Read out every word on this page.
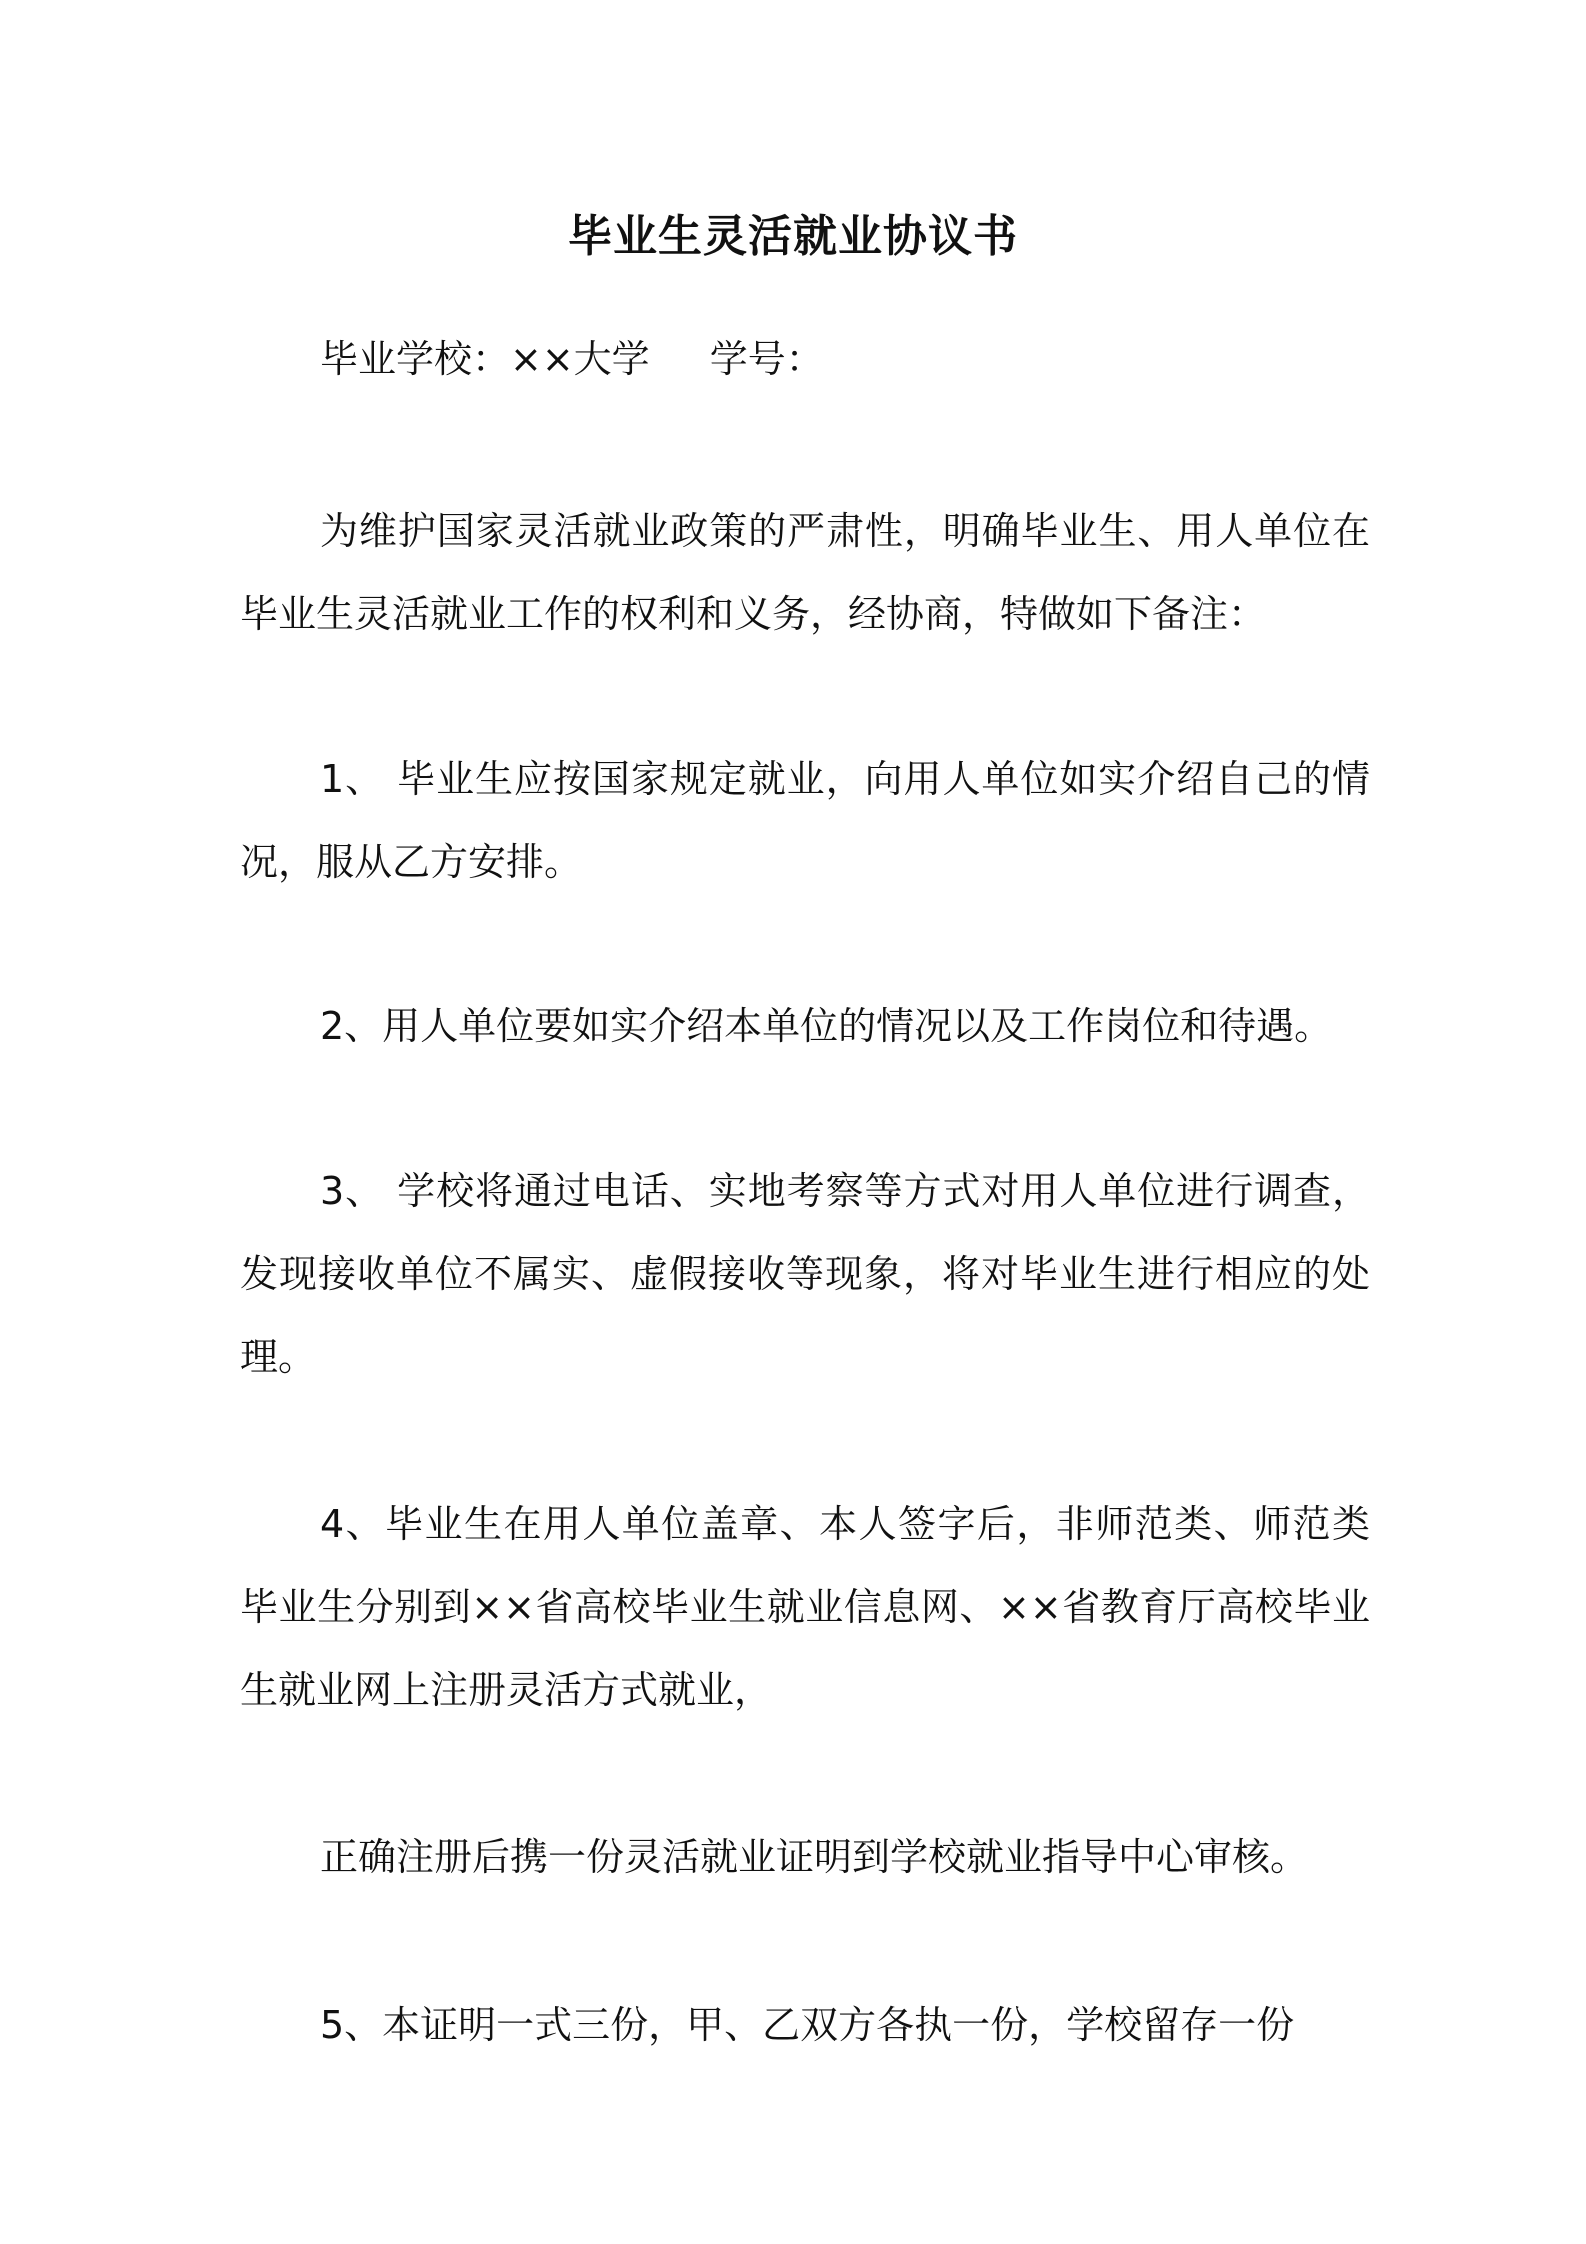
毕业生灵活就业协议书
毕业学校：××大学 学号：

为维护国家灵活就业政策的严肃性，明确毕业生、用人单位在毕业生灵活就业工作的权利和义务，经协商，特做如下备注：

1、 毕业生应按国家规定就业，向用人单位如实介绍自己的情况，服从乙方安排。

2、用人单位要如实介绍本单位的情况以及工作岗位和待遇。

3、 学校将通过电话、实地考察等方式对用人单位进行调查，发现接收单位不属实、虚假接收等现象，将对毕业生进行相应的处理。

4、毕业生在用人单位盖章、本人签字后，非师范类、师范类毕业生分别到××省高校毕业生就业信息网、××省教育厅高校毕业生就业网上注册灵活方式就业，

正确注册后携一份灵活就业证明到学校就业指导中心审核。

5、本证明一式三份，甲、乙双方各执一份，学校留存一份
